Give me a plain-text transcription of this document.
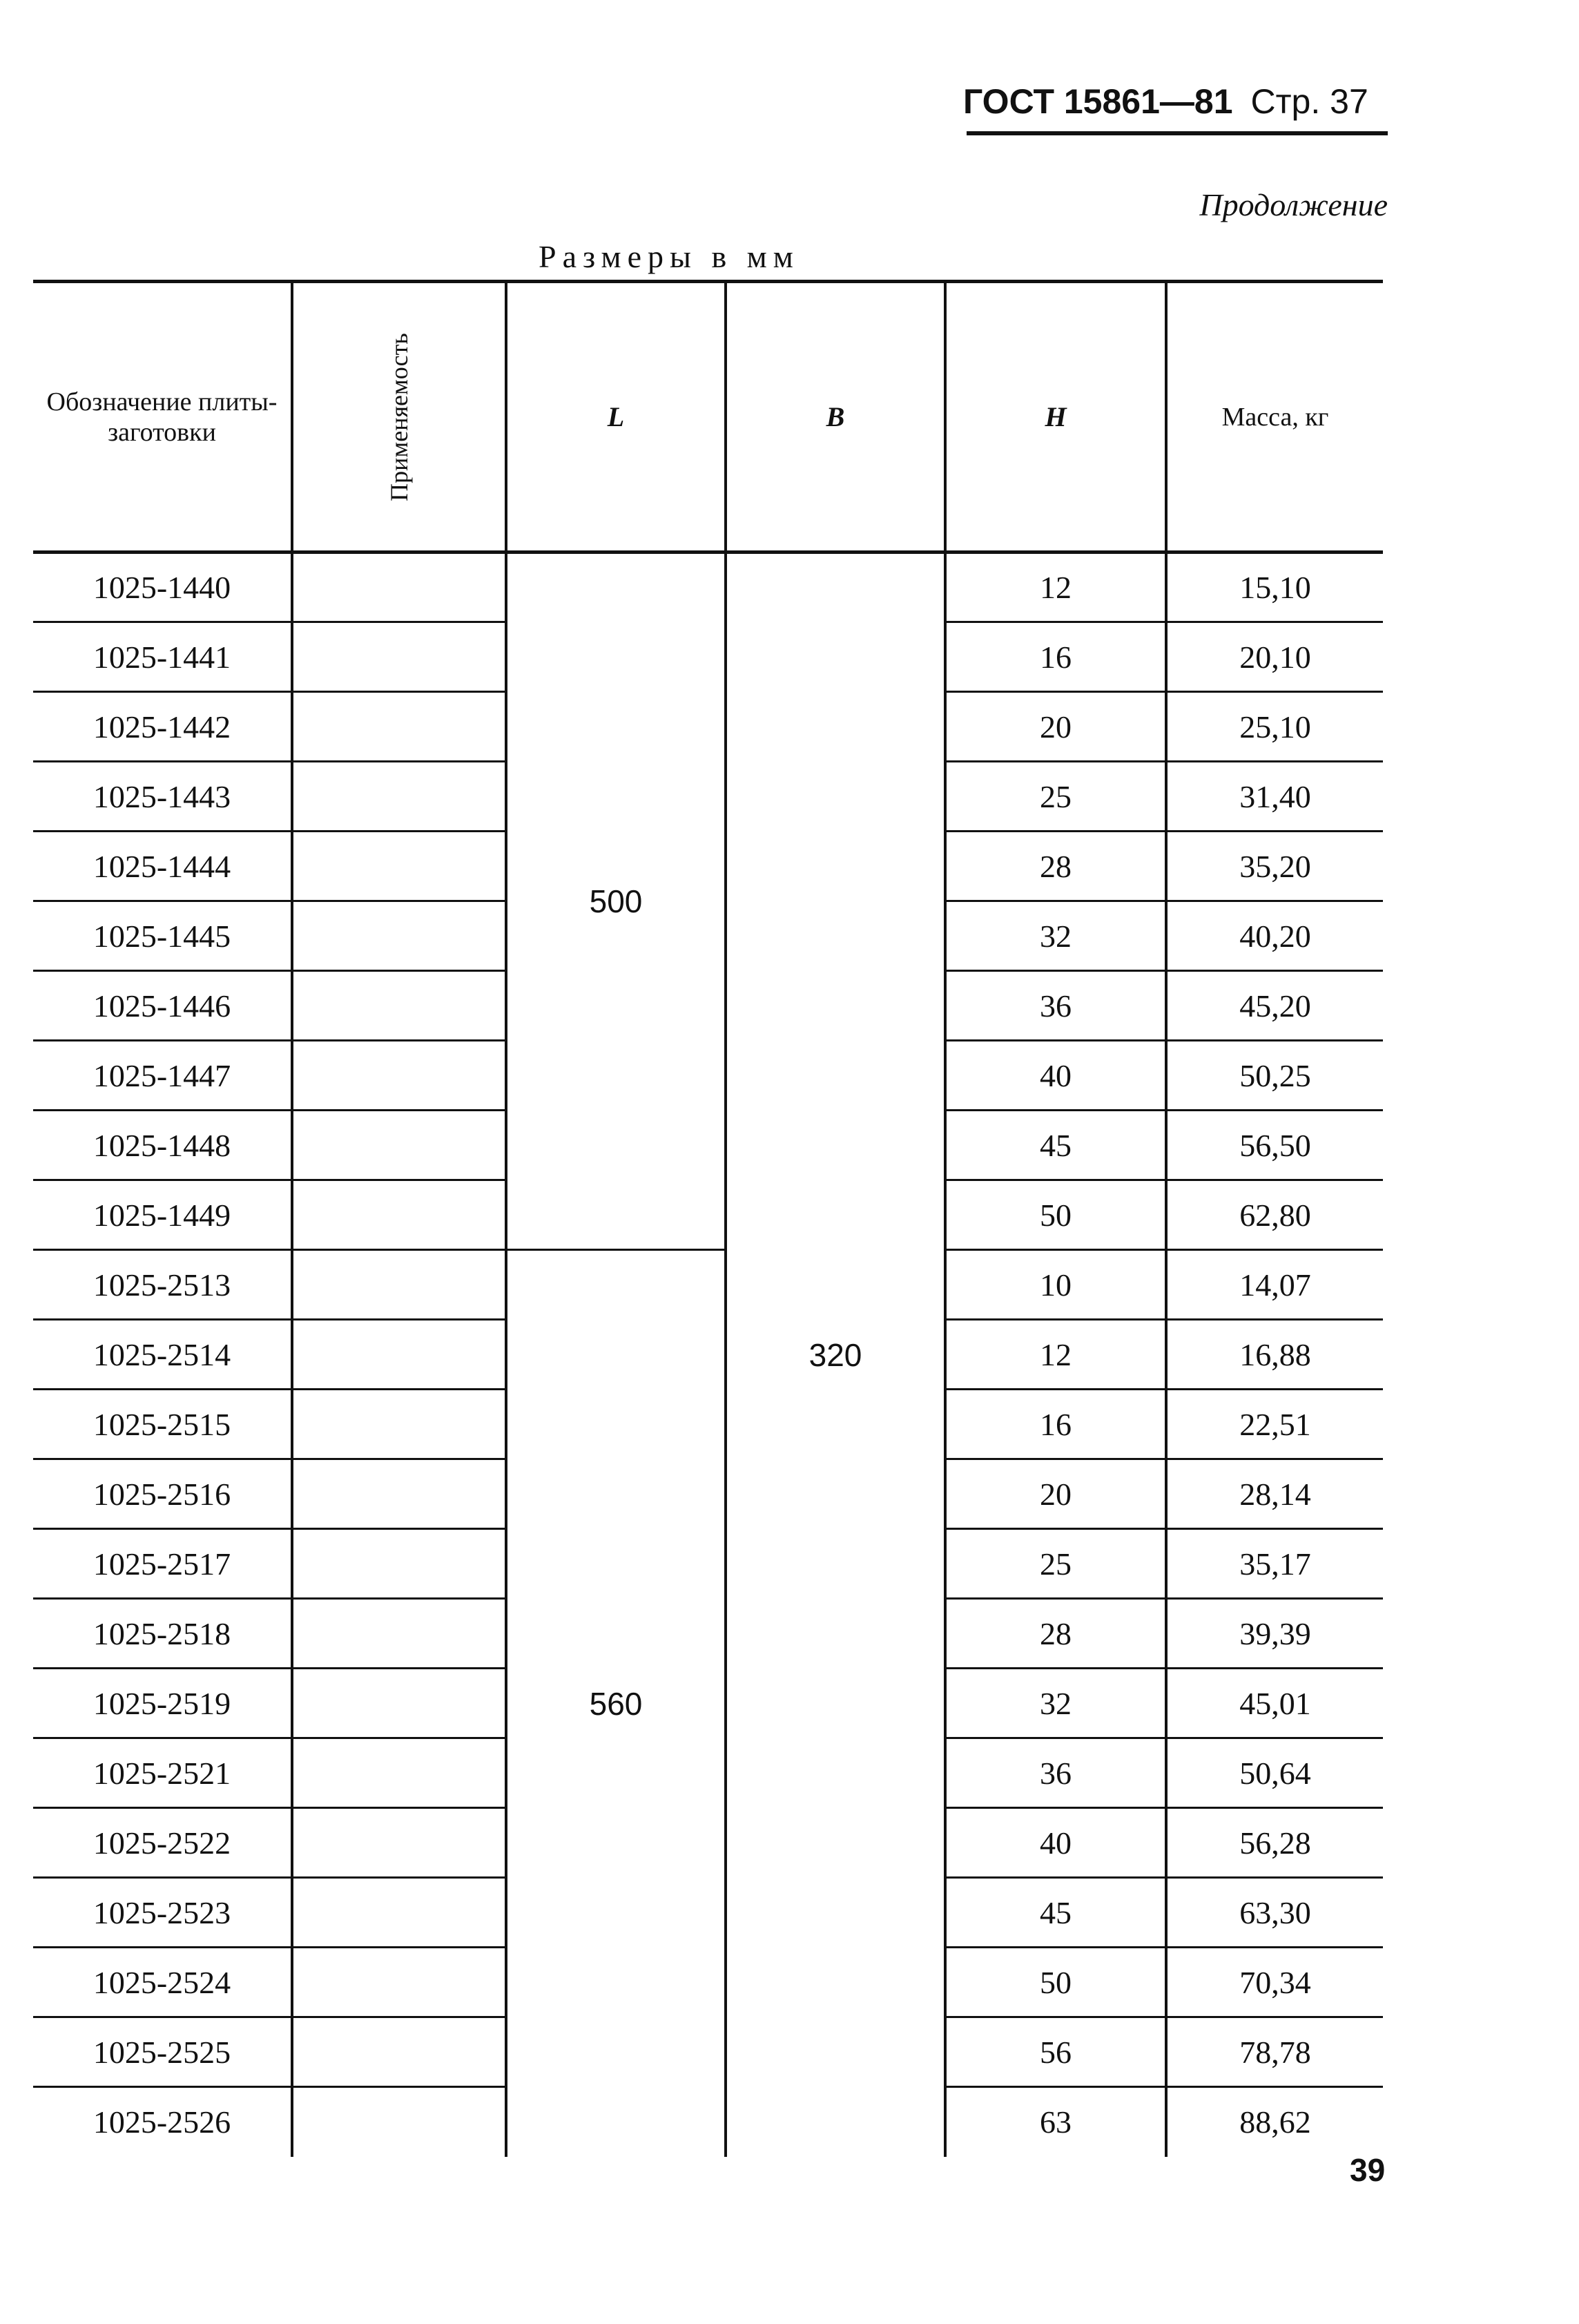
ГОСТ 15861—81 Стр. 37
Продолжение
Размеры в мм
Обозначение плиты-заготовки	Применяемость	L	B	H	Масса, кг
1025-1440		500	320	12	15,10
1025-1441				16	20,10
1025-1442				20	25,10
1025-1443				25	31,40
1025-1444				28	35,20
1025-1445				32	40,20
1025-1446				36	45,20
1025-1447				40	50,25
1025-1448				45	56,50
1025-1449				50	62,80
1025-2513		560		10	14,07
1025-2514				12	16,88
1025-2515				16	22,51
1025-2516				20	28,14
1025-2517				25	35,17
1025-2518				28	39,39
1025-2519				32	45,01
1025-2521				36	50,64
1025-2522				40	56,28
1025-2523				45	63,30
1025-2524				50	70,34
1025-2525				56	78,78
1025-2526				63	88,62
39
